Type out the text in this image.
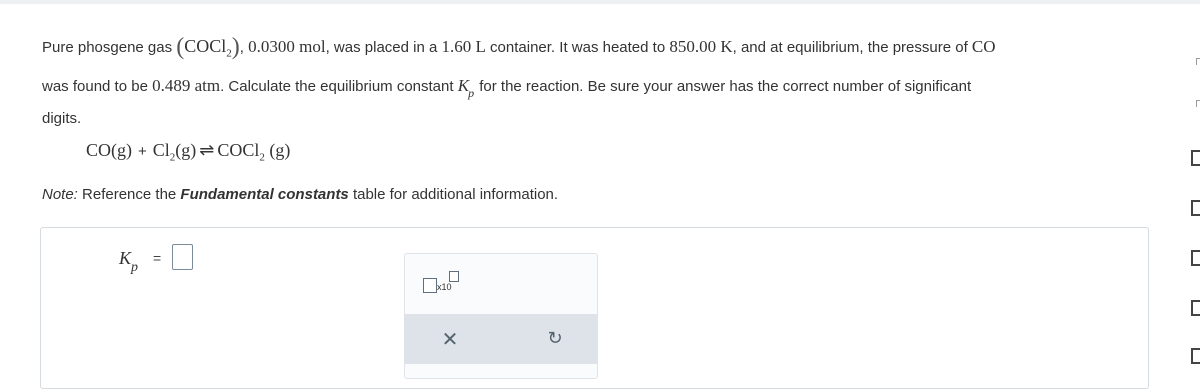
Pure phosgene gas (COCl$_2$), 0.0300 mol, was placed in a 1.60 L container. It was heated to 850.00 K, and at equilibrium, the pressure of CO
was found to be 0.489 atm. Calculate the equilibrium constant $K_p$ for the reaction. Be sure your answer has the correct number of significant
digits.
$CO(g) + Cl_2(g)$ ⇌ COCl$_2$ (g)
Note: Reference the Fundamental constants table for additional information.
Kp
=
x10
✕	↻
